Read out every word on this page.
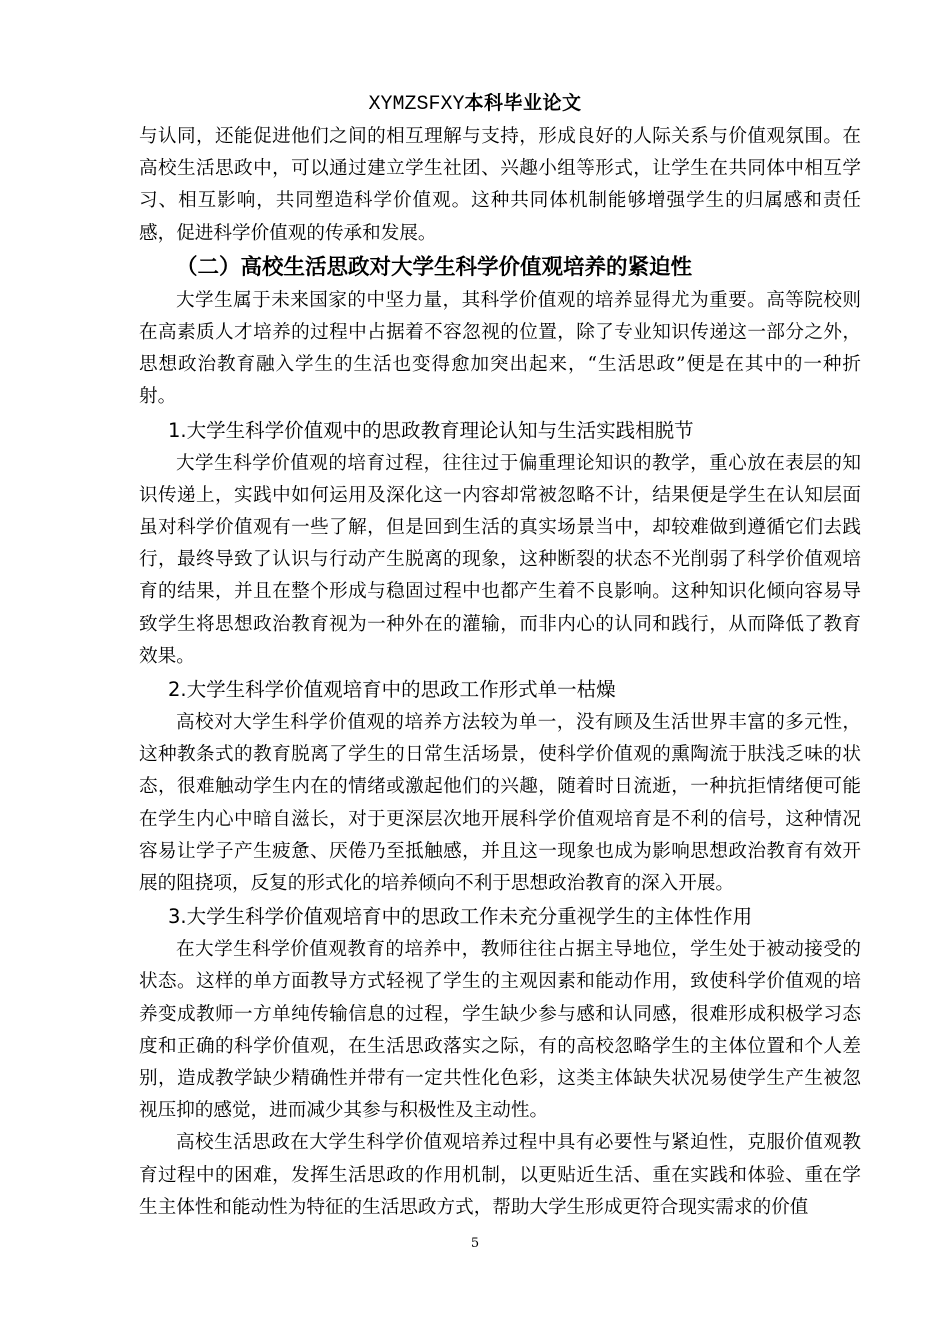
XYMZSFXY本科毕业论文

与认同，还能促进他们之间的相互理解与支持，形成良好的人际关系与价值观氛围。在高校生活思政中，可以通过建立学生社团、兴趣小组等形式，让学生在共同体中相互学习、相互影响，共同塑造科学价值观。这种共同体机制能够增强学生的归属感和责任感，促进科学价值观的传承和发展。

（二）高校生活思政对大学生科学价值观培养的紧迫性

大学生属于未来国家的中坚力量，其科学价值观的培养显得尤为重要。高等院校则在高素质人才培养的过程中占据着不容忽视的位置，除了专业知识传递这一部分之外，思想政治教育融入学生的生活也变得愈加突出起来，“生活思政”便是在其中的一种折射。

1.大学生科学价值观中的思政教育理论认知与生活实践相脱节

大学生科学价值观的培育过程，往往过于偏重理论知识的教学，重心放在表层的知识传递上，实践中如何运用及深化这一内容却常被忽略不计，结果便是学生在认知层面虽对科学价值观有一些了解，但是回到生活的真实场景当中，却较难做到遵循它们去践行，最终导致了认识与行动产生脱离的现象，这种断裂的状态不光削弱了科学价值观培育的结果，并且在整个形成与稳固过程中也都产生着不良影响。这种知识化倾向容易导致学生将思想政治教育视为一种外在的灌输，而非内心的认同和践行，从而降低了教育效果。

2.大学生科学价值观培育中的思政工作形式单一枯燥

高校对大学生科学价值观的培养方法较为单一，没有顾及生活世界丰富的多元性，这种教条式的教育脱离了学生的日常生活场景，使科学价值观的熏陶流于肤浅乏味的状态，很难触动学生内在的情绪或激起他们的兴趣，随着时日流逝，一种抗拒情绪便可能在学生内心中暗自滋长，对于更深层次地开展科学价值观培育是不利的信号，这种情况容易让学子产生疲惫、厌倦乃至抵触感，并且这一现象也成为影响思想政治教育有效开展的阻挠项，反复的形式化的培养倾向不利于思想政治教育的深入开展。

3.大学生科学价值观培育中的思政工作未充分重视学生的主体性作用

在大学生科学价值观教育的培养中，教师往往占据主导地位，学生处于被动接受的状态。这样的单方面教导方式轻视了学生的主观因素和能动作用，致使科学价值观的培养变成教师一方单纯传输信息的过程，学生缺少参与感和认同感，很难形成积极学习态度和正确的科学价值观，在生活思政落实之际，有的高校忽略学生的主体位置和个人差别，造成教学缺少精确性并带有一定共性化色彩，这类主体缺失状况易使学生产生被忽视压抑的感觉，进而减少其参与积极性及主动性。

高校生活思政在大学生科学价值观培养过程中具有必要性与紧迫性，克服价值观教育过程中的困难，发挥生活思政的作用机制，以更贴近生活、重在实践和体验、重在学生主体性和能动性为特征的生活思政方式，帮助大学生形成更符合现实需求的价值

5
